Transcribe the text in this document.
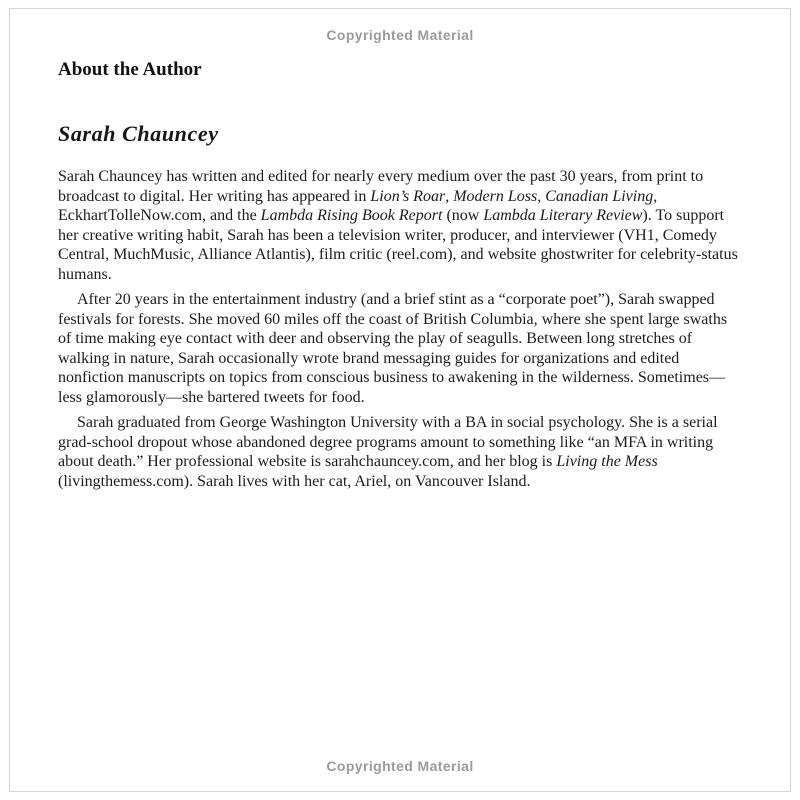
Copyrighted Material
About the Author
Sarah Chauncey

Sarah Chauncey has written and edited for nearly every medium over the past 30 years, from print to broadcast to digital. Her writing has appeared in Lion’s Roar, Modern Loss, Canadian Living, EckhartTolleNow.com, and the Lambda Rising Book Report (now Lambda Literary Review). To support her creative writing habit, Sarah has been a television writer, producer, and interviewer (VH1, Comedy Central, MuchMusic, Alliance Atlantis), film critic (reel.com), and website ghostwriter for celebrity-status humans.

After 20 years in the entertainment industry (and a brief stint as a “corporate poet”), Sarah swapped festivals for forests. She moved 60 miles off the coast of British Columbia, where she spent large swaths of time making eye contact with deer and observing the play of seagulls. Between long stretches of walking in nature, Sarah occasionally wrote brand messaging guides for organizations and edited nonfiction manuscripts on topics from conscious business to awakening in the wilderness. Sometimes—less glamorously—she bartered tweets for food.

Sarah graduated from George Washington University with a BA in social psychology. She is a serial grad-school dropout whose abandoned degree programs amount to something like “an MFA in writing about death.” Her professional website is sarahchauncey.com, and her blog is Living the Mess (livingthemess.com). Sarah lives with her cat, Ariel, on Vancouver Island.

Copyrighted Material
